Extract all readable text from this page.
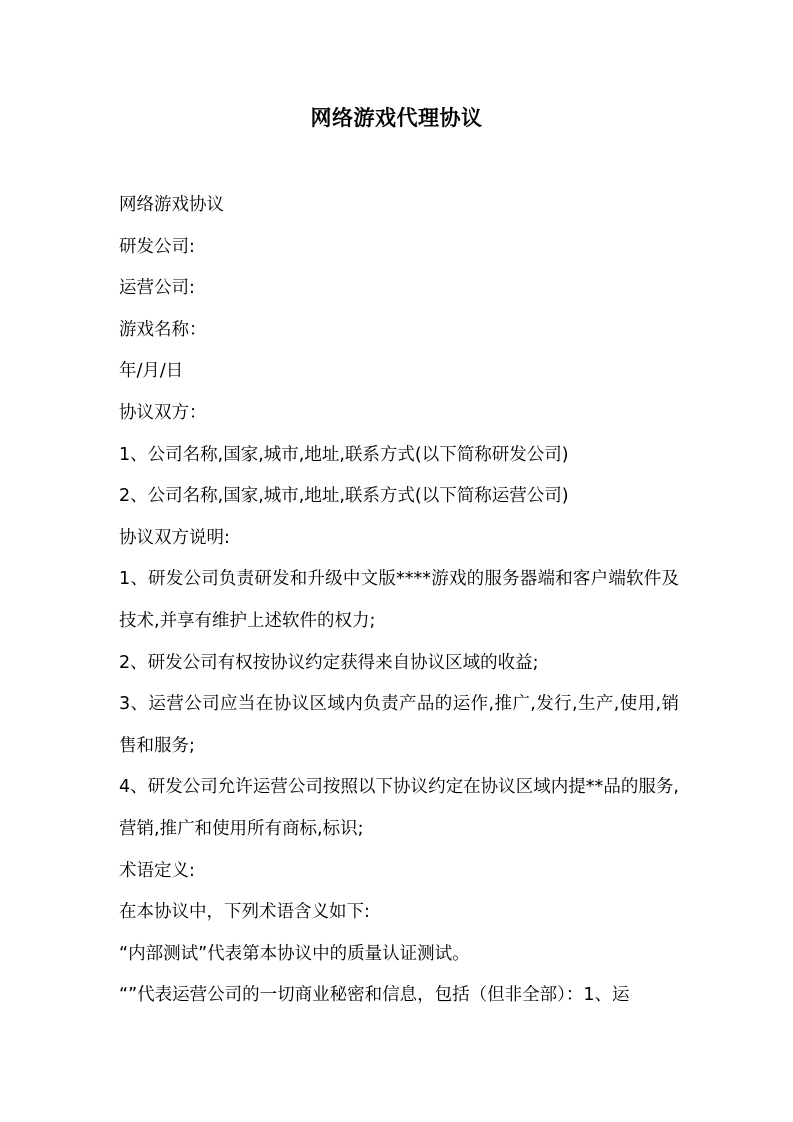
网络游戏代理协议
网络游戏协议
研发公司:
运营公司:
游戏名称：
年/月/日
协议双方：
1、公司名称,国家,城市,地址,联系方式(以下简称研发公司)
2、公司名称,国家,城市,地址,联系方式(以下简称运营公司)
协议双方说明:
1、研发公司负责研发和升级中文版****游戏的服务器端和客户端软件及技术,并享有维护上述软件的权力;
2、研发公司有权按协议约定获得来自协议区域的收益;
3、运营公司应当在协议区域内负责产品的运作,推广,发行,生产,使用,销售和服务;
4、研发公司允许运营公司按照以下协议约定在协议区域内提**品的服务,营销,推广和使用所有商标,标识;
术语定义:
在本协议中，下列术语含义如下:
“内部测试”代表第本协议中的质量认证测试。
“”代表运营公司的一切商业秘密和信息，包括（但非全部）：1、运
